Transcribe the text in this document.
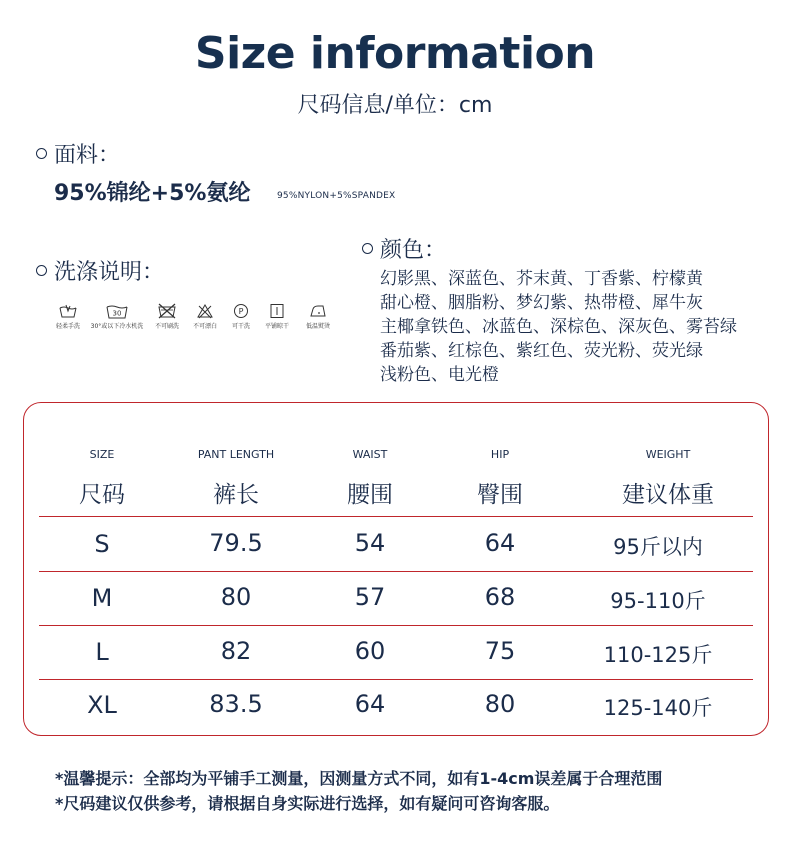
Size information
尺码信息/单位：cm
面料：
95%锦纶+5%氨纶	95%NYLON+5%SPANDEX
洗涤说明：
轻柔手洗
30
30°或以下冷水机洗 不可刷洗 不可漂白
P
可干洗 平铺晾干	低温熨烫
颜色：
幻影黑、深蓝色、芥末黄、丁香紫、柠檬黄
甜心橙、胭脂粉、梦幻紫、热带橙、犀牛灰
主椰拿铁色、冰蓝色、深棕色、深灰色、雾苔绿
番茄紫、红棕色、紫红色、荧光粉、荧光绿
浅粉色、电光橙
SIZE	PANT LENGTH	WAIST	HIP	WEIGHT
尺码	裤长	腰围	臀围	建议体重
S	79.5	54	64	95斤以内
M	80	57	68	95-110斤
L	82	60	75	110-125斤
XL	83.5	64	80	125-140斤
*温馨提示：全部均为平铺手工测量，因测量方式不同，如有1-4cm误差属于合理范围
*尺码建议仅供参考，请根据自身实际进行选择，如有疑问可咨询客服。
